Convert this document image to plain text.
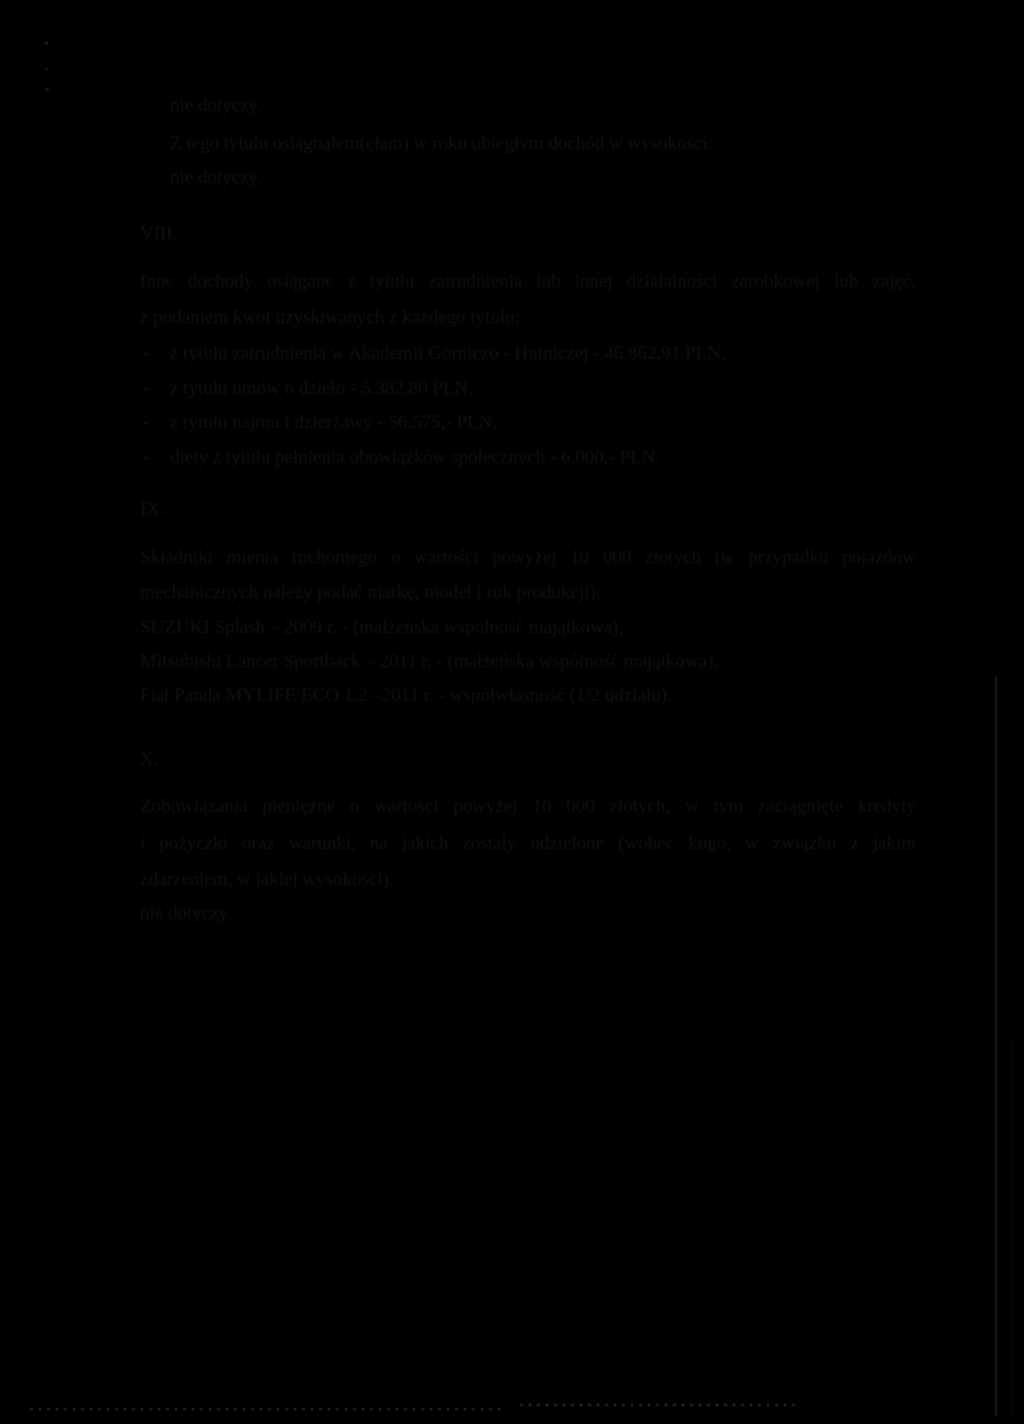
nie dotyczy.
Z tego tytułu osiągnąłem(ęłam) w roku ubiegłym dochód w wysokości:
nie dotyczy.
VIII.
Inne dochody osiągane z tytułu zatrudnienia lub innej działalności zarobkowej lub zajęć,
z podaniem kwot uzyskiwanych z każdego tytułu:
- z tytułu zatrudnienia w Akademii Górniczo - Hutniczej - 46.862,91 PLN,
- z tytułu umów o dzieło - 5.382,80 PLN,
- z tytułu najmu i dzierżawy - 56.575,- PLN,
- diety z tytułu pełnienia obowiązków społecznych - 6.000,- PLN.
IX.
Składniki mienia ruchomego o wartości powyżej 10 000 złotych (w przypadku pojazdów
mechanicznych należy podać markę, model i rok produkcji):
SUZUKI Splash – 2009 r. - (małżeńska wspólność majątkowa),
Mitsubishi Lancer Sportback – 2011 r. - (małżeńska wspólność majątkowa),
Fiat Panda MYLIFE ECO 1.2 –2011 r. - współwłasność (1/2 udziału).
X.
Zobowiązania pieniężne o wartości powyżej 10 000 złotych, w tym zaciągnięte kredyty
i pożyczki oraz warunki, na jakich zostały udzielone (wobec kogo, w związku z jakim
zdarzeniem, w jakiej wysokości):
nie dotyczy.
